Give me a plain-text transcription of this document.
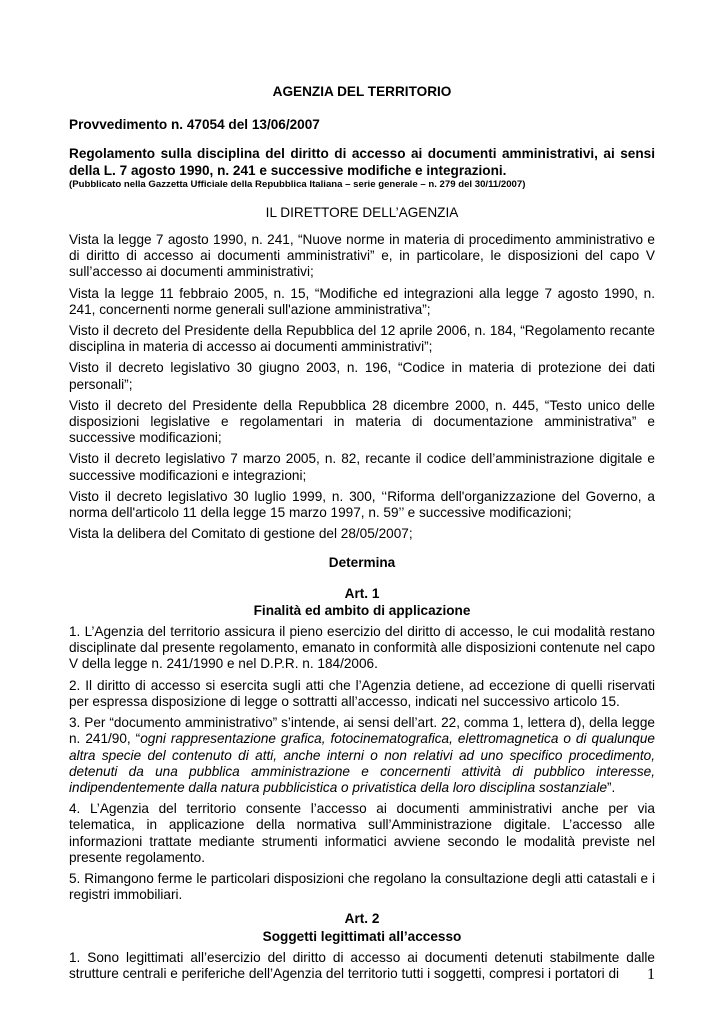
AGENZIA DEL TERRITORIO

Provvedimento n. 47054 del 13/06/2007

Regolamento sulla disciplina del diritto di accesso ai documenti amministrativi, ai sensi della L. 7 agosto 1990, n. 241 e successive modifiche e integrazioni.

(Pubblicato nella Gazzetta Ufficiale della Repubblica Italiana – serie generale – n. 279 del 30/11/2007)

IL DIRETTORE DELL’AGENZIA

Vista la legge 7 agosto 1990, n. 241, “Nuove norme in materia di procedimento amministrativo e di diritto di accesso ai documenti amministrativi” e, in particolare, le disposizioni del capo V sull’accesso ai documenti amministrativi;

Vista la legge 11 febbraio 2005, n. 15, “Modifiche ed integrazioni alla legge 7 agosto 1990, n. 241, concernenti norme generali sull'azione amministrativa”;

Visto il decreto del Presidente della Repubblica del 12 aprile 2006, n. 184, “Regolamento recante disciplina in materia di accesso ai documenti amministrativi”;

Visto il decreto legislativo 30 giugno 2003, n. 196, “Codice in materia di protezione dei dati personali”;

Visto il decreto del Presidente della Repubblica 28 dicembre 2000, n. 445, “Testo unico delle disposizioni legislative e regolamentari in materia di documentazione amministrativa” e successive modificazioni;

Visto il decreto legislativo 7 marzo 2005, n. 82, recante il codice dell’amministrazione digitale e successive modificazioni e integrazioni;

Visto il decreto legislativo 30 luglio 1999, n. 300, ‘‘Riforma dell'organizzazione del Governo, a norma dell'articolo 11 della legge 15 marzo 1997, n. 59’’ e successive modificazioni;

Vista la delibera del Comitato di gestione del 28/05/2007;

Determina

Art. 1

Finalità ed ambito di applicazione

1. L’Agenzia del territorio assicura il pieno esercizio del diritto di accesso, le cui modalità restano disciplinate dal presente regolamento, emanato in conformità alle disposizioni contenute nel capo V della legge n. 241/1990 e nel D.P.R. n. 184/2006.

2. Il diritto di accesso si esercita sugli atti che l’Agenzia detiene, ad eccezione di quelli riservati per espressa disposizione di legge o sottratti all’accesso, indicati nel successivo articolo 15.

3. Per “documento amministrativo” s’intende, ai sensi dell’art. 22, comma 1, lettera d), della legge n. 241/90, “ogni rappresentazione grafica, fotocinematografica, elettromagnetica o di qualunque altra specie del contenuto di atti, anche interni o non relativi ad uno specifico procedimento, detenuti da una pubblica amministrazione e concernenti attività di pubblico interesse, indipendentemente dalla natura pubblicistica o privatistica della loro disciplina sostanziale”.

4. L’Agenzia del territorio consente l’accesso ai documenti amministrativi anche per via telematica, in applicazione della normativa sull’Amministrazione digitale. L’accesso alle informazioni trattate mediante strumenti informatici avviene secondo le modalità previste nel presente regolamento.

5. Rimangono ferme le particolari disposizioni che regolano la consultazione degli atti catastali e i registri immobiliari.

Art. 2

Soggetti legittimati all’accesso

1. Sono legittimati all’esercizio del diritto di accesso ai documenti detenuti stabilmente dalle strutture centrali e periferiche dell’Agenzia del territorio tutti i soggetti, compresi i portatori di	1
